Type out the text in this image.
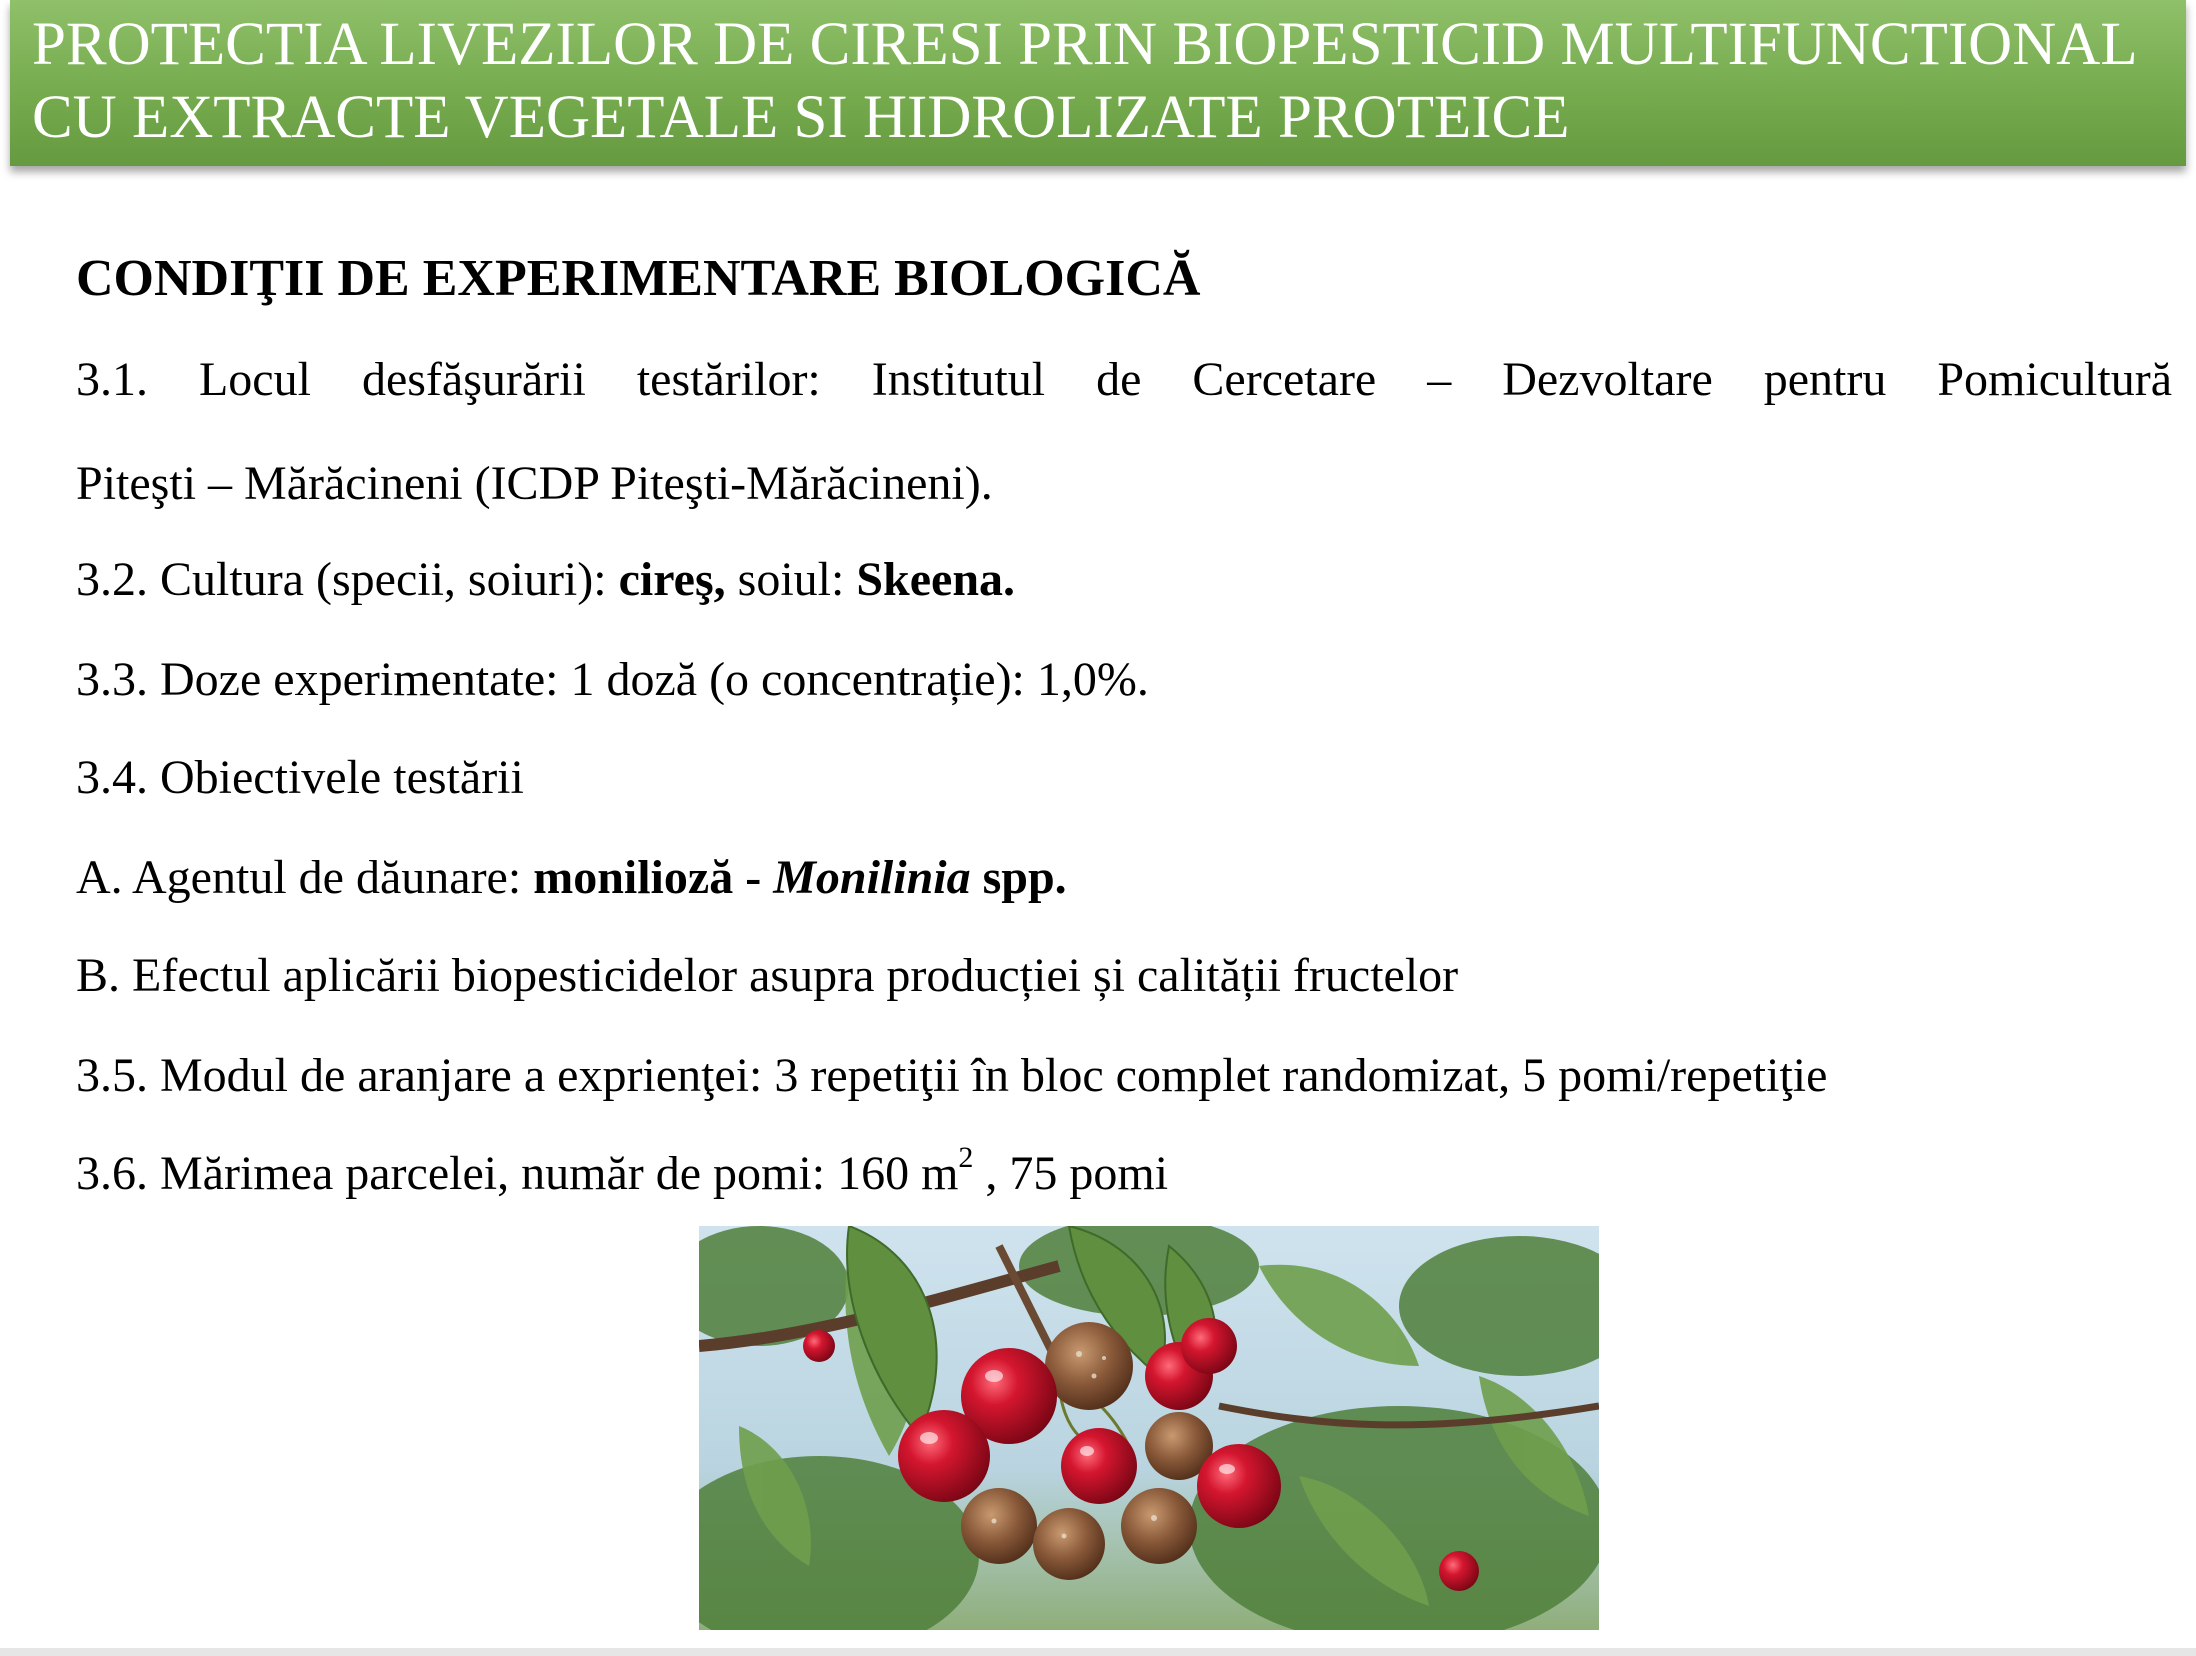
PROTECTIA LIVEZILOR DE CIRESI PRIN BIOPESTICID MULTIFUNCTIONAL
CU EXTRACTE VEGETALE SI HIDROLIZATE PROTEICE
CONDIŢII DE EXPERIMENTARE BIOLOGICĂ
3.1. Locul desfăşurării testărilor: Institutul de Cercetare – Dezvoltare pentru Pomicultură
Piteşti – Mărăcineni (ICDP Piteşti-Mărăcineni).
3.2. Cultura (specii, soiuri): cireş, soiul: Skeena.
3.3. Doze experimentate: 1 doză (o concentrație): 1,0%.
3.4. Obiectivele testării
A. Agentul de dăunare: monilioză - Monilinia spp.
B. Efectul aplicării biopesticidelor asupra producției și calității fructelor
3.5. Modul de aranjare a exprienţei: 3 repetiţii în bloc complet randomizat, 5 pomi/repetiţie
3.6. Mărimea parcelei, număr de pomi: 160 $m^2$ , 75 pomi
